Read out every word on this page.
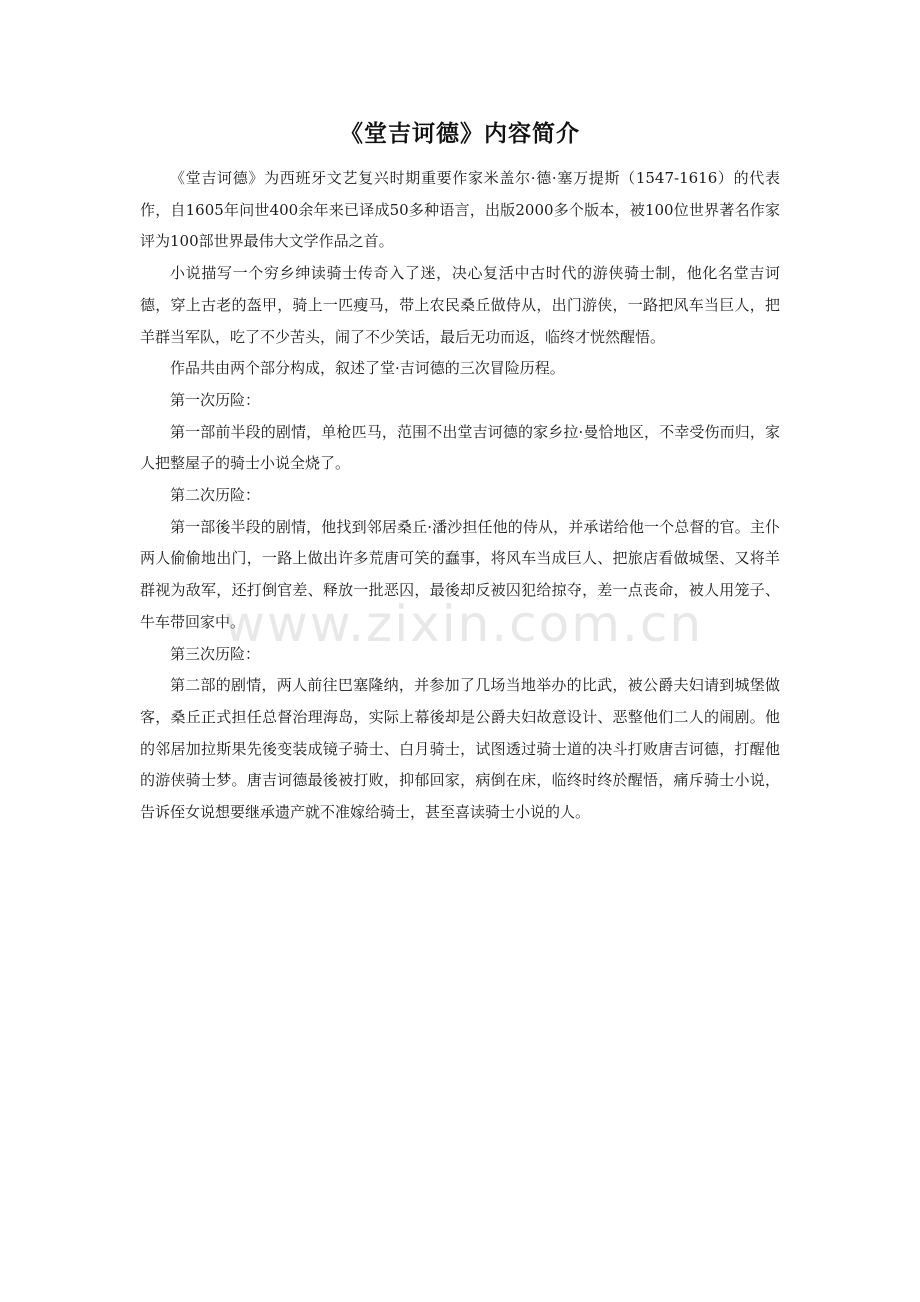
《堂吉诃德》内容简介

《堂吉诃德》为西班牙文艺复兴时期重要作家米盖尔·德·塞万提斯（1547-1616）的代表作，自1605年问世400余年来已译成50多种语言，出版2000多个版本，被100位世界著名作家评为100部世界最伟大文学作品之首。

小说描写一个穷乡绅读骑士传奇入了迷，决心复活中古时代的游侠骑士制，他化名堂吉诃德，穿上古老的盔甲，骑上一匹瘦马，带上农民桑丘做侍从，出门游侠，一路把风车当巨人，把羊群当军队，吃了不少苦头，闹了不少笑话，最后无功而返，临终才恍然醒悟。

作品共由两个部分构成，叙述了堂·吉诃德的三次冒险历程。

第一次历险：

第一部前半段的剧情，单枪匹马，范围不出堂吉诃德的家乡拉·曼恰地区，不幸受伤而归，家人把整屋子的骑士小说全烧了。

第二次历险：

第一部後半段的剧情，他找到邻居桑丘·潘沙担任他的侍从，并承诺给他一个总督的官。主仆两人偷偷地出门，一路上做出许多荒唐可笑的蠢事，将风车当成巨人、把旅店看做城堡、又将羊群视为敌军，还打倒官差、释放一批恶囚，最後却反被囚犯给掠夺，差一点丧命，被人用笼子、牛车带回家中。

第三次历险：

第二部的剧情，两人前往巴塞隆纳，并参加了几场当地举办的比武，被公爵夫妇请到城堡做客，桑丘正式担任总督治理海岛，实际上幕後却是公爵夫妇故意设计、恶整他们二人的闹剧。他的邻居加拉斯果先後变装成镜子骑士、白月骑士，试图透过骑士道的决斗打败唐吉诃德，打醒他的游侠骑士梦。唐吉诃德最後被打败，抑郁回家，病倒在床，临终时终於醒悟，痛斥骑士小说，告诉侄女说想要继承遗产就不准嫁给骑士，甚至喜读骑士小说的人。

www.zixin.com.cn
